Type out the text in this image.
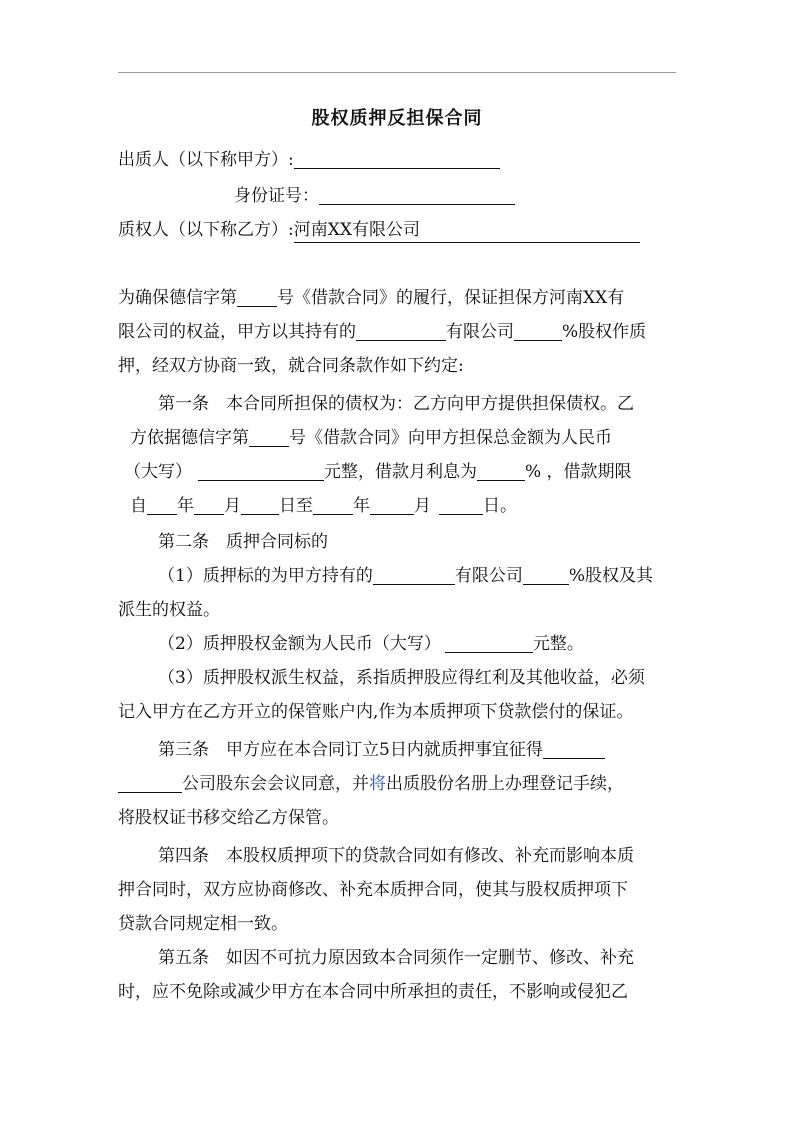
股权质押反担保合同
出质人（以下称甲方）:
身份证号：
质权人（以下称乙方）:河南XX有限公司
为确保德信字第 号《借款合同》的履行，保证担保方河南XX有
限公司的权益，甲方以其持有的	有限公司	%股权作质
押，经双方协商一致，就合同条款作如下约定:
第一条　本合同所担保的债权为：乙方向甲方提供担保债权。乙
方依据德信字第 号《借款合同》向甲方担保总金额为人民币
（大写）	元整，借款月利息为	% ，借款期限
自 年 月 日至 年	月	日。
第二条　质押合同标的
（1）质押标的为甲方持有的	有限公司	%股权及其
派生的权益。
（2）质押股权金额为人民币（大写）	元整。
（3）质押股权派生权益，系指质押股应得红利及其他收益，必须
记入甲方在乙方开立的保管账户内,作为本质押项下贷款偿付的保证。
第三条　甲方应在本合同订立5日内就质押事宜征得
公司股东会会议同意，并将出质股份名册上办理登记手续，
将股权证书移交给乙方保管。
第四条　本股权质押项下的贷款合同如有修改、补充而影响本质
押合同时，双方应协商修改、补充本质押合同，使其与股权质押项下
贷款合同规定相一致。
第五条　如因不可抗力原因致本合同须作一定删节、修改、补充
时，应不免除或减少甲方在本合同中所承担的责任，不影响或侵犯乙
